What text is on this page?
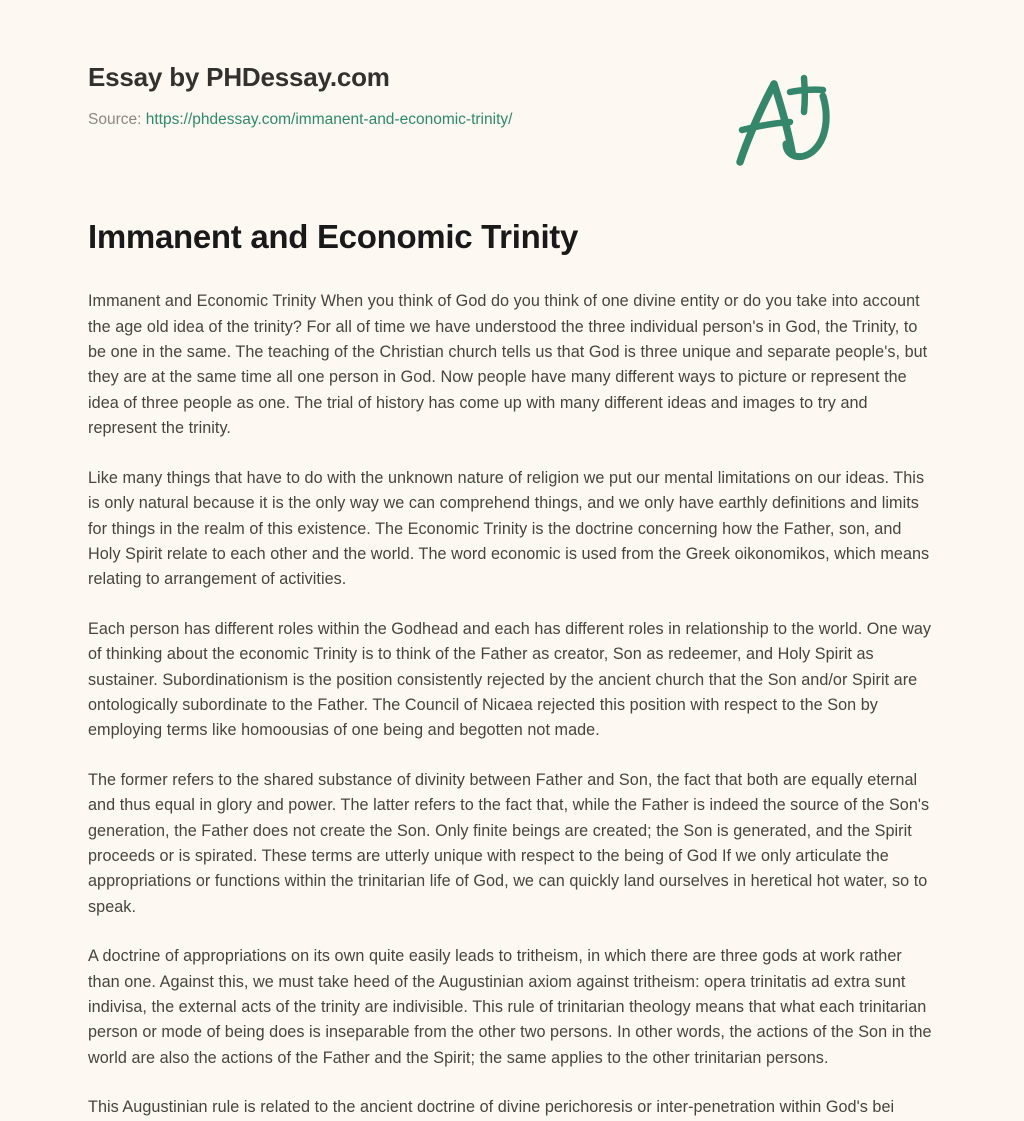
Essay by PHDessay.com
Source: https://phdessay.com/immanent-and-economic-trinity/
Immanent and Economic Trinity

Immanent and Economic Trinity When you think of God do you think of one divine entity or do you take into account the age old idea of the trinity? For all of time we have understood the three individual person's in God, the Trinity, to be one in the same. The teaching of the Christian church tells us that God is three unique and separate people's, but they are at the same time all one person in God. Now people have many different ways to picture or represent the idea of three people as one. The trial of history has come up with many different ideas and images to try and represent the trinity.

Like many things that have to do with the unknown nature of religion we put our mental limitations on our ideas. This is only natural because it is the only way we can comprehend things, and we only have earthly definitions and limits for things in the realm of this existence. The Economic Trinity is the doctrine concerning how the Father, son, and Holy Spirit relate to each other and the world. The word economic is used from the Greek oikonomikos, which means relating to arrangement of activities.

Each person has different roles within the Godhead and each has different roles in relationship to the world. One way of thinking about the economic Trinity is to think of the Father as creator, Son as redeemer, and Holy Spirit as sustainer. Subordinationism is the position consistently rejected by the ancient church that the Son and/or Spirit are ontologically subordinate to the Father. The Council of Nicaea rejected this position with respect to the Son by employing terms like homoousias of one being and begotten not made.

The former refers to the shared substance of divinity between Father and Son, the fact that both are equally eternal and thus equal in glory and power. The latter refers to the fact that, while the Father is indeed the source of the Son's generation, the Father does not create the Son. Only finite beings are created; the Son is generated, and the Spirit proceeds or is spirated. These terms are utterly unique with respect to the being of God If we only articulate the appropriations or functions within the trinitarian life of God, we can quickly land ourselves in heretical hot water, so to speak.

A doctrine of appropriations on its own quite easily leads to tritheism, in which there are three gods at work rather than one. Against this, we must take heed of the Augustinian axiom against tritheism: opera trinitatis ad extra sunt indivisa, the external acts of the trinity are indivisible. This rule of trinitarian theology means that what each trinitarian person or mode of being does is inseparable from the other two persons. In other words, the actions of the Son in the world are also the actions of the Father and the Spirit; the same applies to the other trinitarian persons.

This Augustinian rule is related to the ancient doctrine of divine perichoresis or inter-penetration within God's bei
